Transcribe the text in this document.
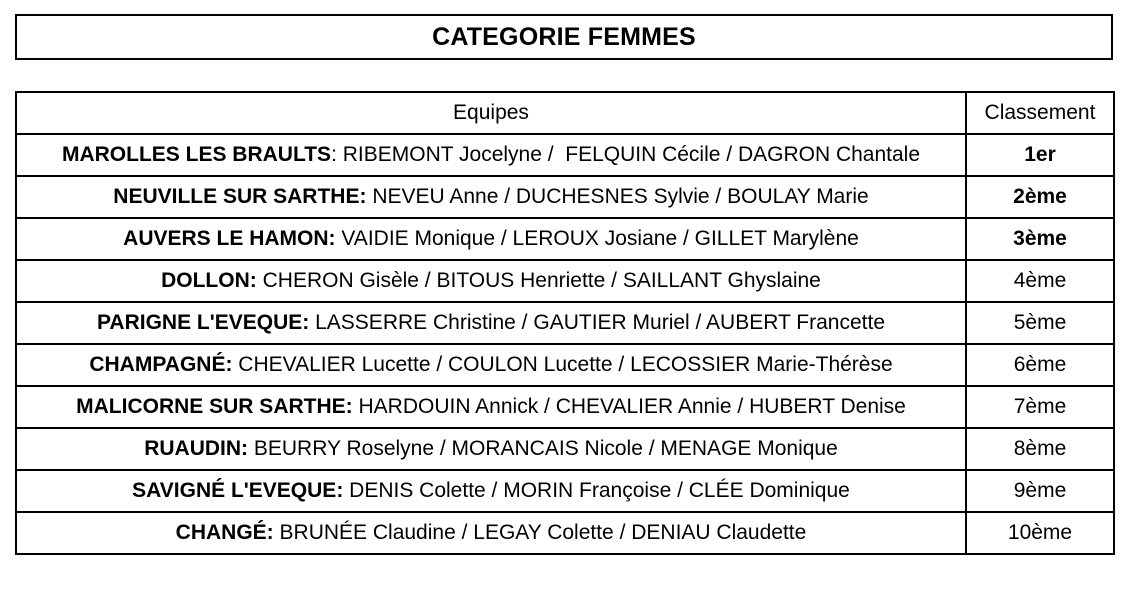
CATEGORIE FEMMES
Equipes	Classement
MAROLLES LES BRAULTS: RIBEMONT Jocelyne /  FELQUIN Cécile / DAGRON Chantale	1er
NEUVILLE SUR SARTHE: NEVEU Anne / DUCHESNES Sylvie / BOULAY Marie	2ème
AUVERS LE HAMON: VAIDIE Monique / LEROUX Josiane / GILLET Marylène	3ème
DOLLON: CHERON Gisèle / BITOUS Henriette / SAILLANT Ghyslaine	4ème
PARIGNE L'EVEQUE: LASSERRE Christine / GAUTIER Muriel / AUBERT Francette	5ème
CHAMPAGNÉ: CHEVALIER Lucette / COULON Lucette / LECOSSIER Marie-Thérèse	6ème
MALICORNE SUR SARTHE: HARDOUIN Annick / CHEVALIER Annie / HUBERT Denise	7ème
RUAUDIN: BEURRY Roselyne / MORANCAIS Nicole / MENAGE Monique	8ème
SAVIGNÉ L'EVEQUE: DENIS Colette / MORIN Françoise / CLÉE Dominique	9ème
CHANGÉ: BRUNÉE Claudine / LEGAY Colette / DENIAU Claudette	10ème
